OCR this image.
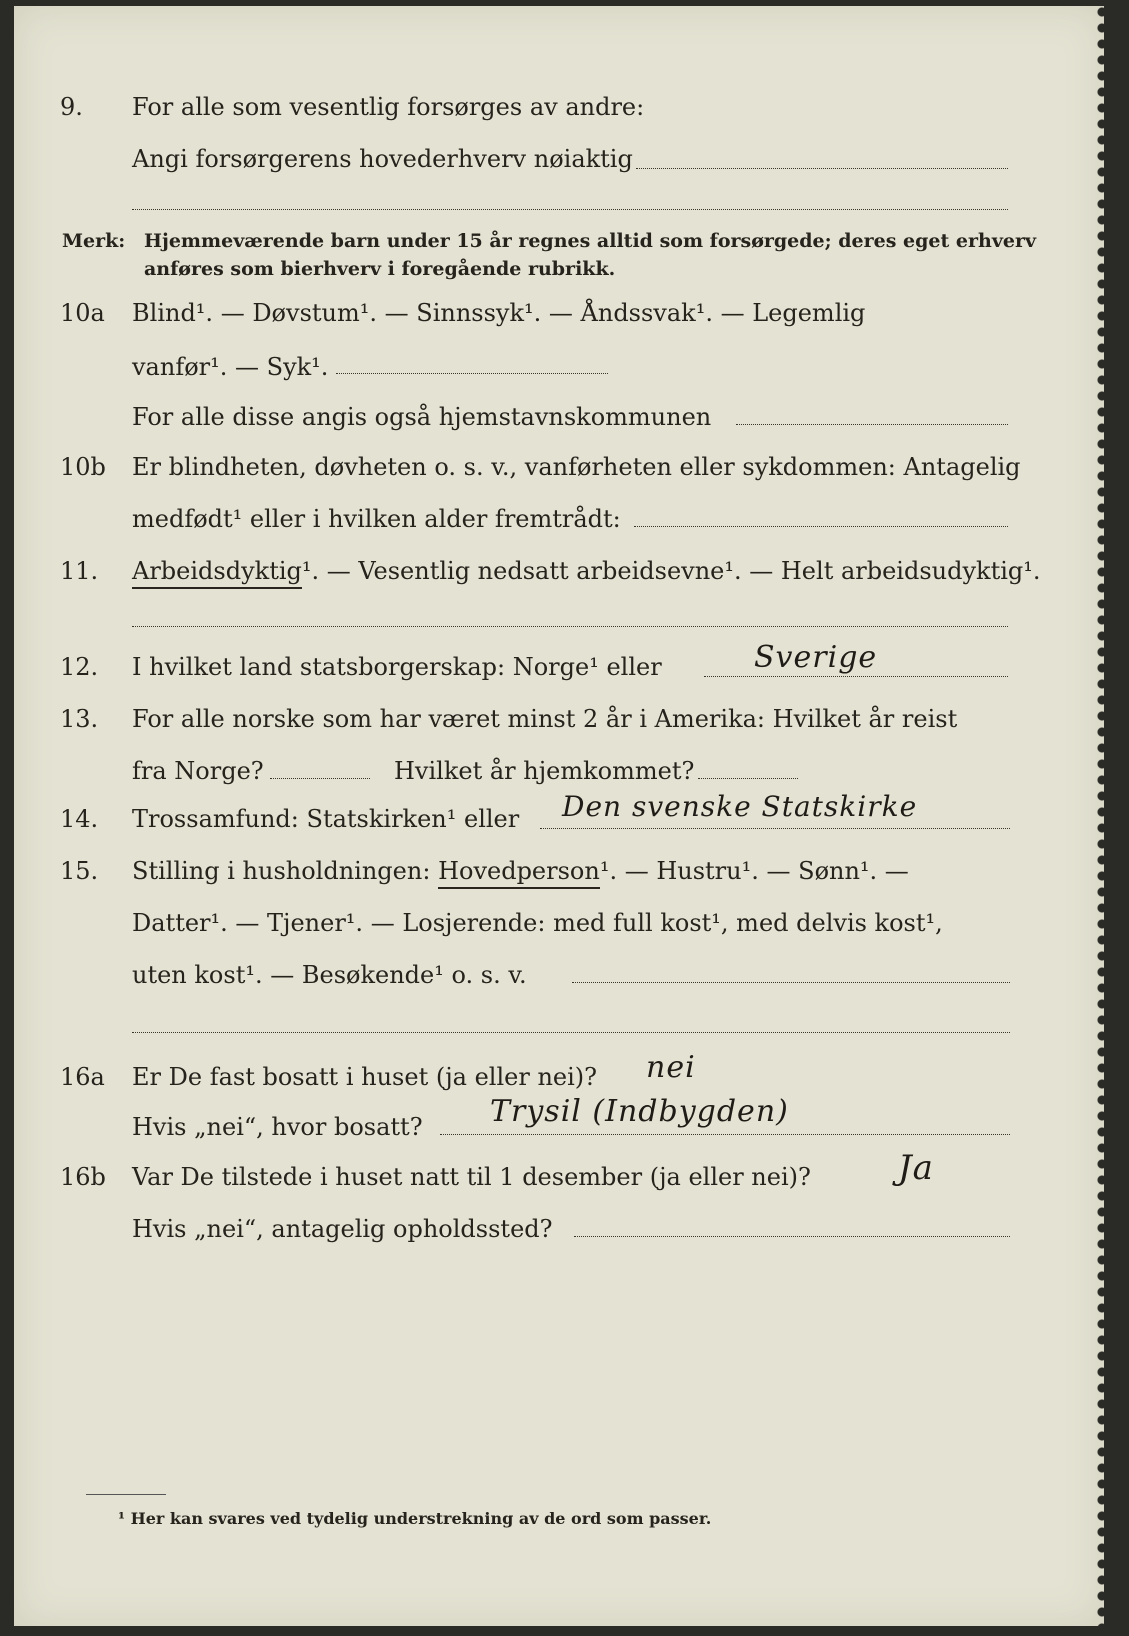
9. For alle som vesentlig forsørges av andre:
Angi forsørgerens hovederhverv nøiaktig
Merk: Hjemmeværende barn under 15 år regnes alltid som forsørgede; deres eget erhverv
anføres som bierhverv i foregående rubrikk.
10a Blind¹. — Døvstum¹. — Sinnssyk¹. — Åndssvak¹. — Legemlig
vanfør¹. — Syk¹.
For alle disse angis også hjemstavnskommunen
10b Er blindheten, døvheten o. s. v., vanførheten eller sykdommen: Antagelig
medfødt¹ eller i hvilken alder fremtrådt:
11. Arbeidsdyktig¹. — Vesentlig nedsatt arbeidsevne¹. — Helt arbeidsudyktig¹.
12. I hvilket land statsborgerskap: Norge¹ eller	Sverige
13. For alle norske som har været minst 2 år i Amerika: Hvilket år reist
fra Norge?	Hvilket år hjemkommet?
14. Trossamfund: Statskirken¹ eller Den svenske Statskirke
15. Stilling i husholdningen: Hovedperson¹. — Hustru¹. — Sønn¹. —
Datter¹. — Tjener¹. — Losjerende: med full kost¹, med delvis kost¹,
uten kost¹. — Besøkende¹ o. s. v.
16a Er De fast bosatt i huset (ja eller nei)? nei
Hvis „nei“, hvor bosatt? Trysil (Indbygden)
16b Var De tilstede i huset natt til 1 desember (ja eller nei)?	Ja
Hvis „nei“, antagelig opholdssted?
¹ Her kan svares ved tydelig understrekning av de ord som passer.
